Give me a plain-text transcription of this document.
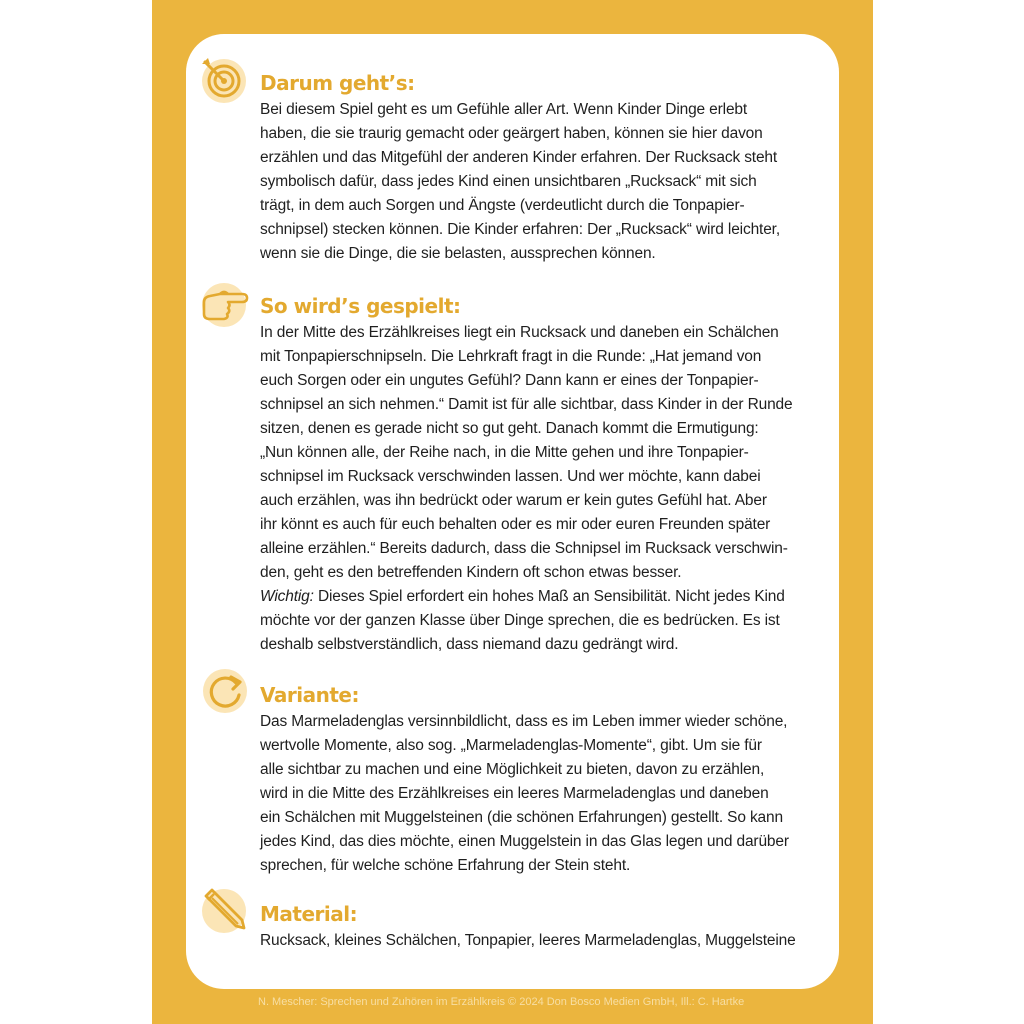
Darum geht’s:

Bei diesem Spiel geht es um Gefühle aller Art. Wenn Kinder Dinge erlebt
haben, die sie traurig gemacht oder geärgert haben, können sie hier davon
erzählen und das Mitgefühl der anderen Kinder erfahren. Der Rucksack steht
symbolisch dafür, dass jedes Kind einen unsichtbaren „Rucksack“ mit sich
trägt, in dem auch Sorgen und Ängste (verdeutlicht durch die Tonpapier-
schnipsel) stecken können. Die Kinder erfahren: Der „Rucksack“ wird leichter,
wenn sie die Dinge, die sie belasten, aussprechen können.

So wird’s gespielt:

In der Mitte des Erzählkreises liegt ein Rucksack und daneben ein Schälchen
mit Tonpapierschnipseln. Die Lehrkraft fragt in die Runde: „Hat jemand von
euch Sorgen oder ein ungutes Gefühl? Dann kann er eines der Tonpapier-
schnipsel an sich nehmen.“ Damit ist für alle sichtbar, dass Kinder in der Runde
sitzen, denen es gerade nicht so gut geht. Danach kommt die Ermutigung:
„Nun können alle, der Reihe nach, in die Mitte gehen und ihre Tonpapier-
schnipsel im Rucksack verschwinden lassen. Und wer möchte, kann dabei
auch erzählen, was ihn bedrückt oder warum er kein gutes Gefühl hat. Aber
ihr könnt es auch für euch behalten oder es mir oder euren Freunden später
alleine erzählen.“ Bereits dadurch, dass die Schnipsel im Rucksack verschwin-
den, geht es den betreffenden Kindern oft schon etwas besser.
Wichtig: Dieses Spiel erfordert ein hohes Maß an Sensibilität. Nicht jedes Kind
möchte vor der ganzen Klasse über Dinge sprechen, die es bedrücken. Es ist
deshalb selbstverständlich, dass niemand dazu gedrängt wird.

Variante:

Das Marmeladenglas versinnbildlicht, dass es im Leben immer wieder schöne,
wertvolle Momente, also sog. „Marmeladenglas-Momente“, gibt. Um sie für
alle sichtbar zu machen und eine Möglichkeit zu bieten, davon zu erzählen,
wird in die Mitte des Erzählkreises ein leeres Marmeladenglas und daneben
ein Schälchen mit Muggelsteinen (die schönen Erfahrungen) gestellt. So kann
jedes Kind, das dies möchte, einen Muggelstein in das Glas legen und darüber
sprechen, für welche schöne Erfahrung der Stein steht.

Material:

Rucksack, kleines Schälchen, Tonpapier, leeres Marmeladenglas, Muggelsteine

N. Mescher: Sprechen und Zuhören im Erzählkreis © 2024 Don Bosco Medien GmbH, Ill.: C. Hartke
